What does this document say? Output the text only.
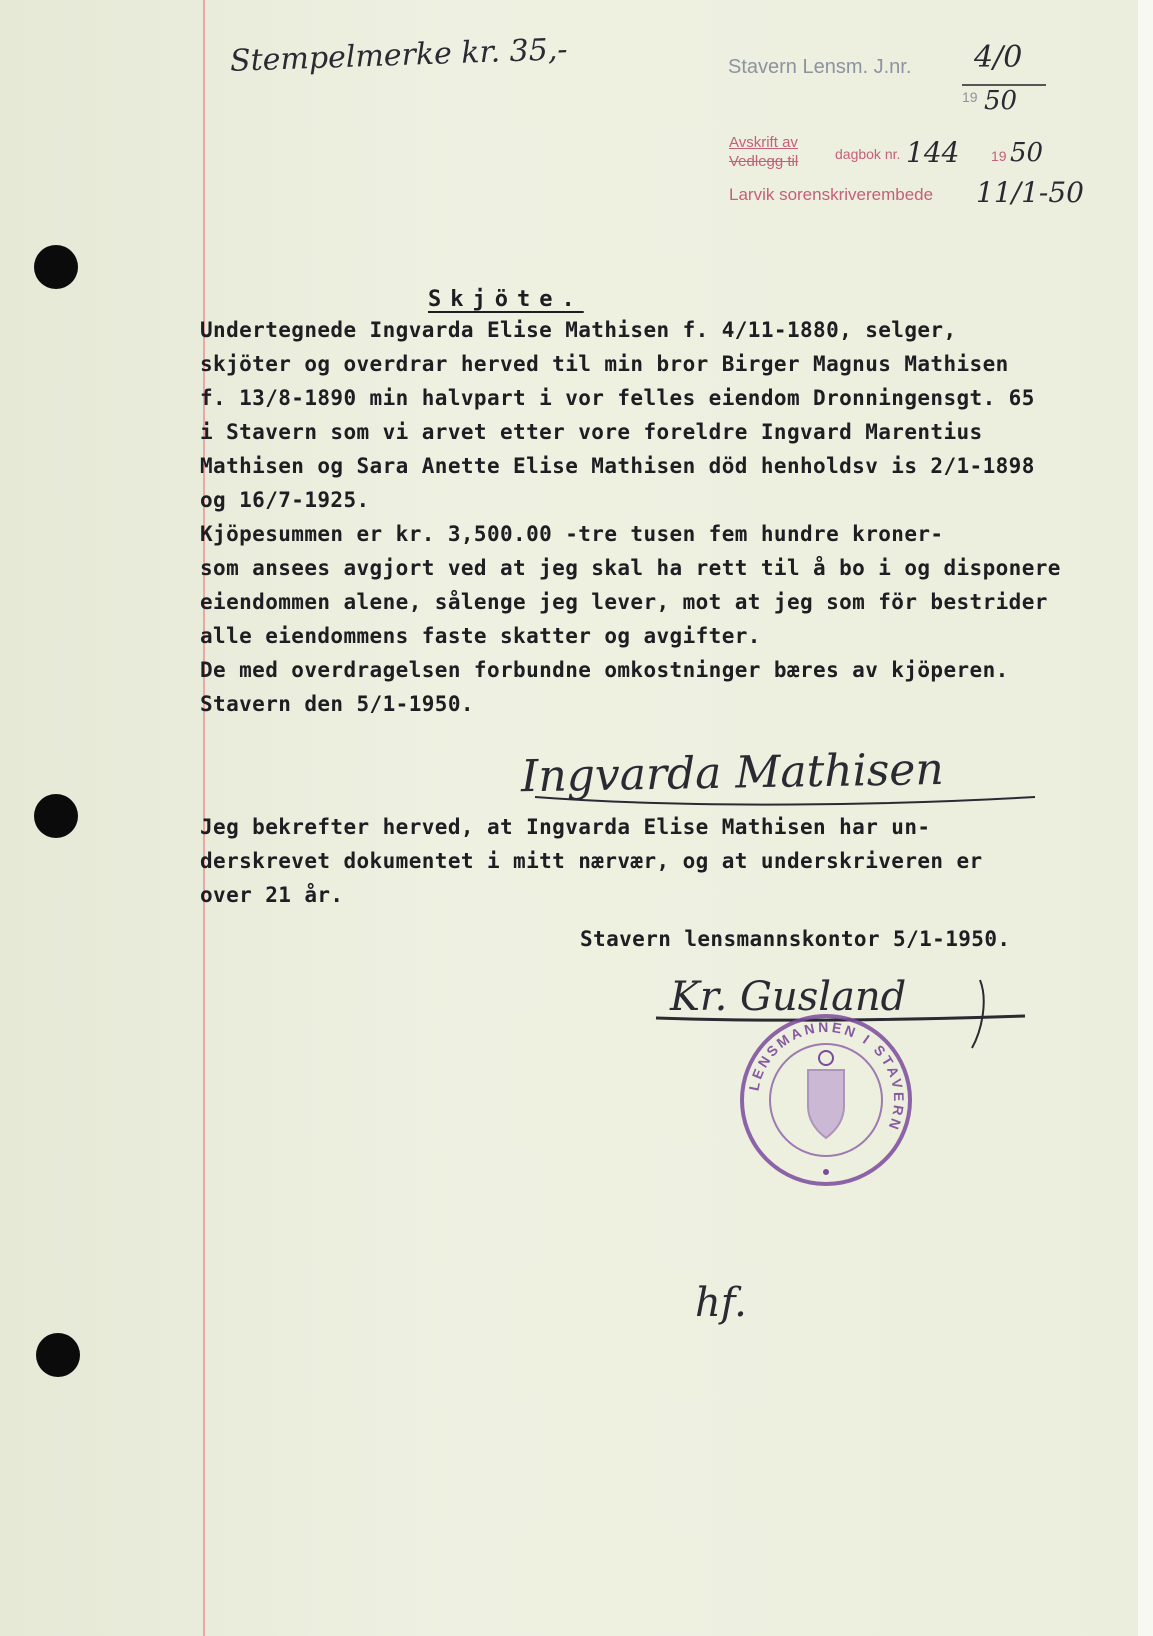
Stempelmerke kr. 35,-	Stavern Lensm. J.nr. 4/0
19 50
Avskrift av
Vedlegg til	dagbok nr. 144 19 50
Larvik sorenskriverembede 11/1-50
Skjöte.
Undertegnede Ingvarda Elise Mathisen f. 4/11-1880, selger,
skjöter og overdrar herved til min bror Birger Magnus Mathisen
f. 13/8-1890 min halvpart i vor felles eiendom Dronningensgt. 65
i Stavern som vi arvet etter vore foreldre Ingvard Marentius
Mathisen og Sara Anette Elise Mathisen död henholdsv is 2/1-1898
og 16/7-1925.
Kjöpesummen er kr. 3,500.00 -tre tusen fem hundre kroner-
som ansees avgjort ved at jeg skal ha rett til å bo i og disponere
eiendommen alene, sålenge jeg lever, mot at jeg som för bestrider
alle eiendommens faste skatter og avgifter.
De med overdragelsen forbundne omkostninger bæres av kjöperen.
Stavern den 5/1-1950.
Ingvarda Mathisen
Jeg bekrefter herved, at Ingvarda Elise Mathisen har un-
derskrevet dokumentet i mitt nærvær, og at underskriveren er
over 21 år.
Stavern lensmannskontor 5/1-1950.
Kr. Gusland
LENSMANNEN I STAVERN
hf.
